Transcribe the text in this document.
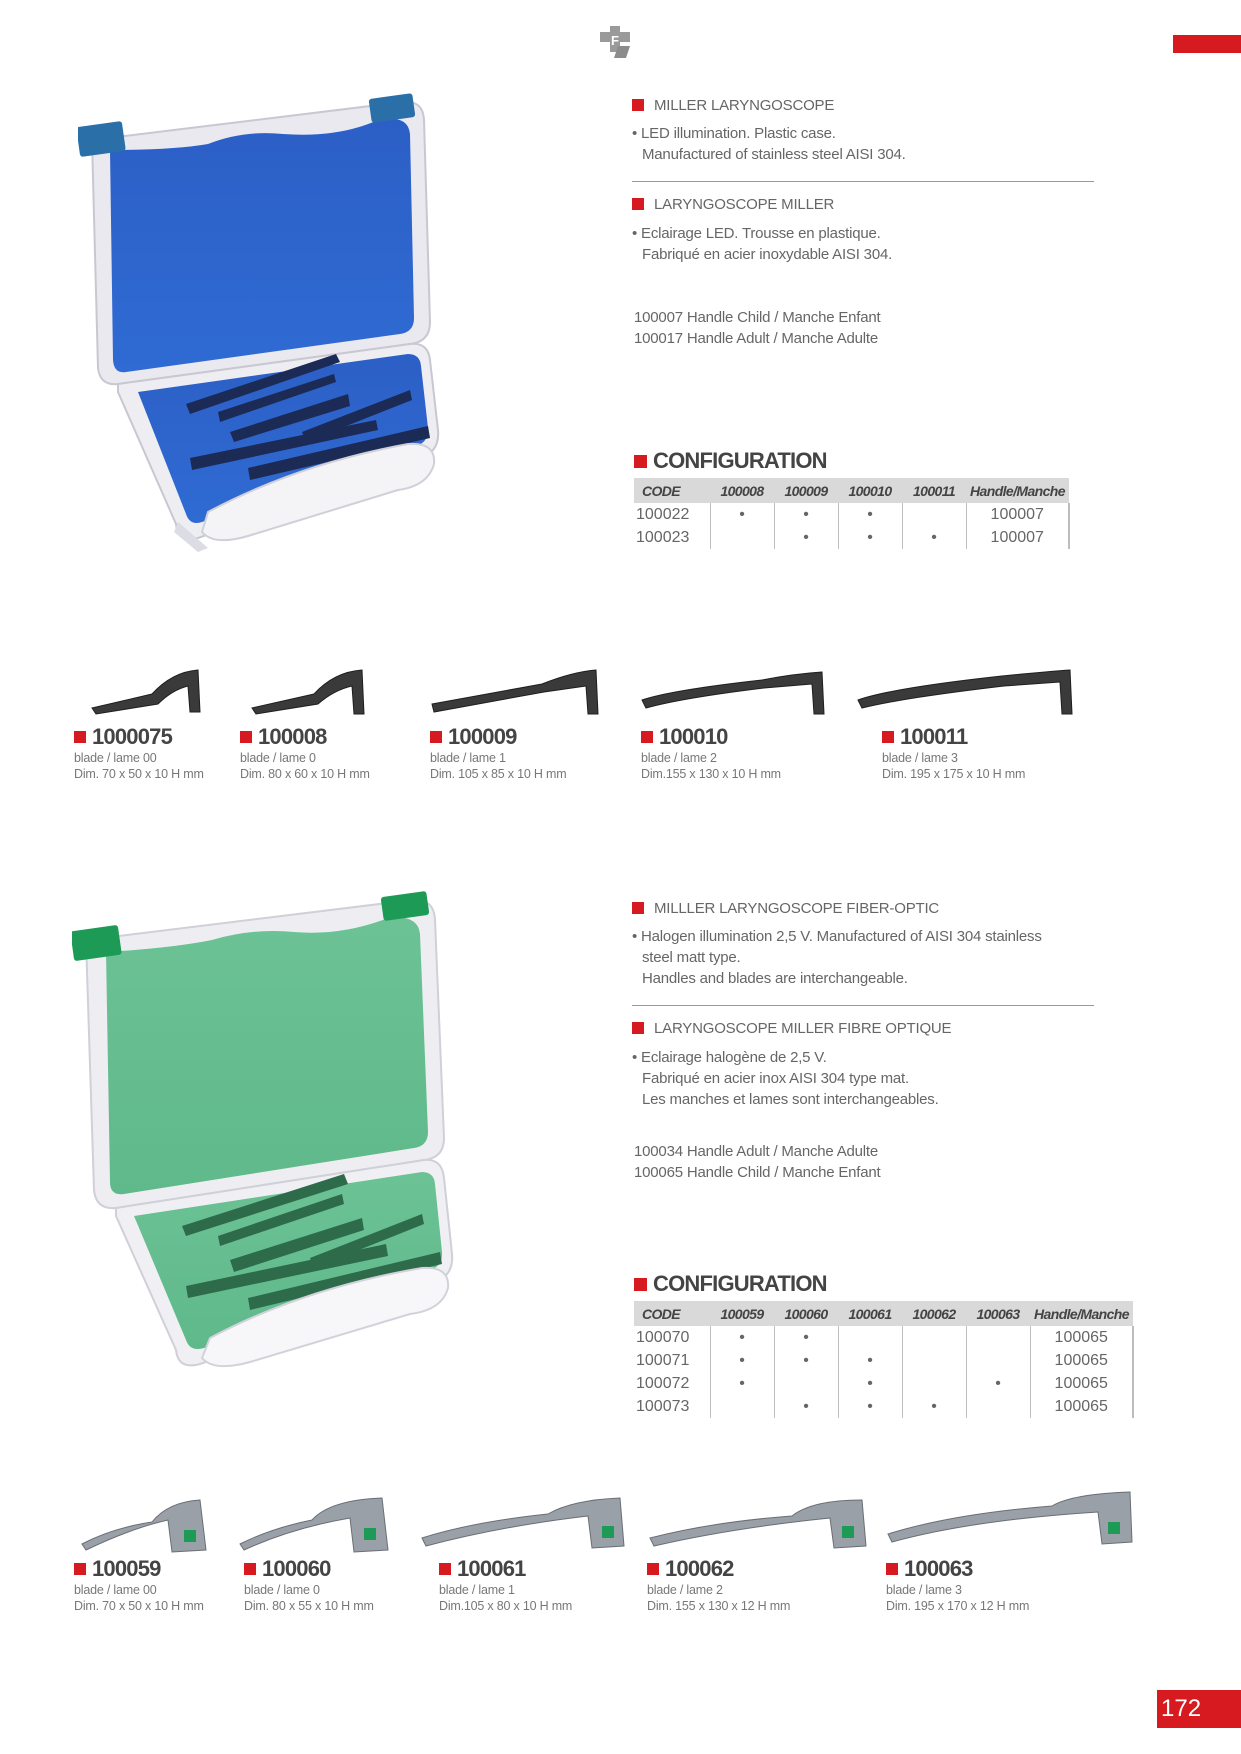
F
MILLER LARYNGOSCOPE
• LED illumination. Plastic case.
Manufactured of stainless steel AISI 304.
LARYNGOSCOPE MILLER
• Eclairage LED. Trousse en plastique.
Fabriqué en acier inoxydable AISI 304.
100007 Handle Child / Manche Enfant
100017 Handle Adult / Manche Adulte
CONFIGURATION
CODE	100008	100009	100010	100011	Handle/Manche
100022	•	•	•		100007
100023		•	•	•	100007
1000075
blade / lame 00
Dim. 70 x 50 x 10 H mm
100008
blade / lame 0
Dim. 80 x 60 x 10 H mm
100009
blade / lame 1
Dim. 105 x 85 x 10 H mm
100010
blade / lame 2
Dim.155 x 130 x 10 H mm
100011
blade / lame 3
Dim. 195 x 175 x 10 H mm
MILLLER LARYNGOSCOPE FIBER-OPTIC
• Halogen illumination 2,5 V. Manufactured of AISI 304 stainless
steel matt type.
Handles and blades are interchangeable.
LARYNGOSCOPE MILLER FIBRE OPTIQUE
• Eclairage halogène de 2,5 V.
Fabriqué en acier inox AISI 304 type mat.
Les manches et lames sont interchangeables.
100034 Handle Adult / Manche Adulte
100065 Handle Child / Manche Enfant
CONFIGURATION
CODE	100059	100060	100061	100062	100063	Handle/Manche
100070	•	•				100065
100071	•	•	•			100065
100072	•		•		•	100065
100073		•	•	•		100065
100059
blade / lame 00
Dim. 70 x 50 x 10 H mm
100060
blade / lame 0
Dim. 80 x 55 x 10 H mm
100061
blade / lame 1
Dim.105 x 80 x 10 H mm
100062
blade / lame 2
Dim. 155 x 130 x 12 H mm
100063
blade / lame 3
Dim. 195 x 170 x 12 H mm
172
